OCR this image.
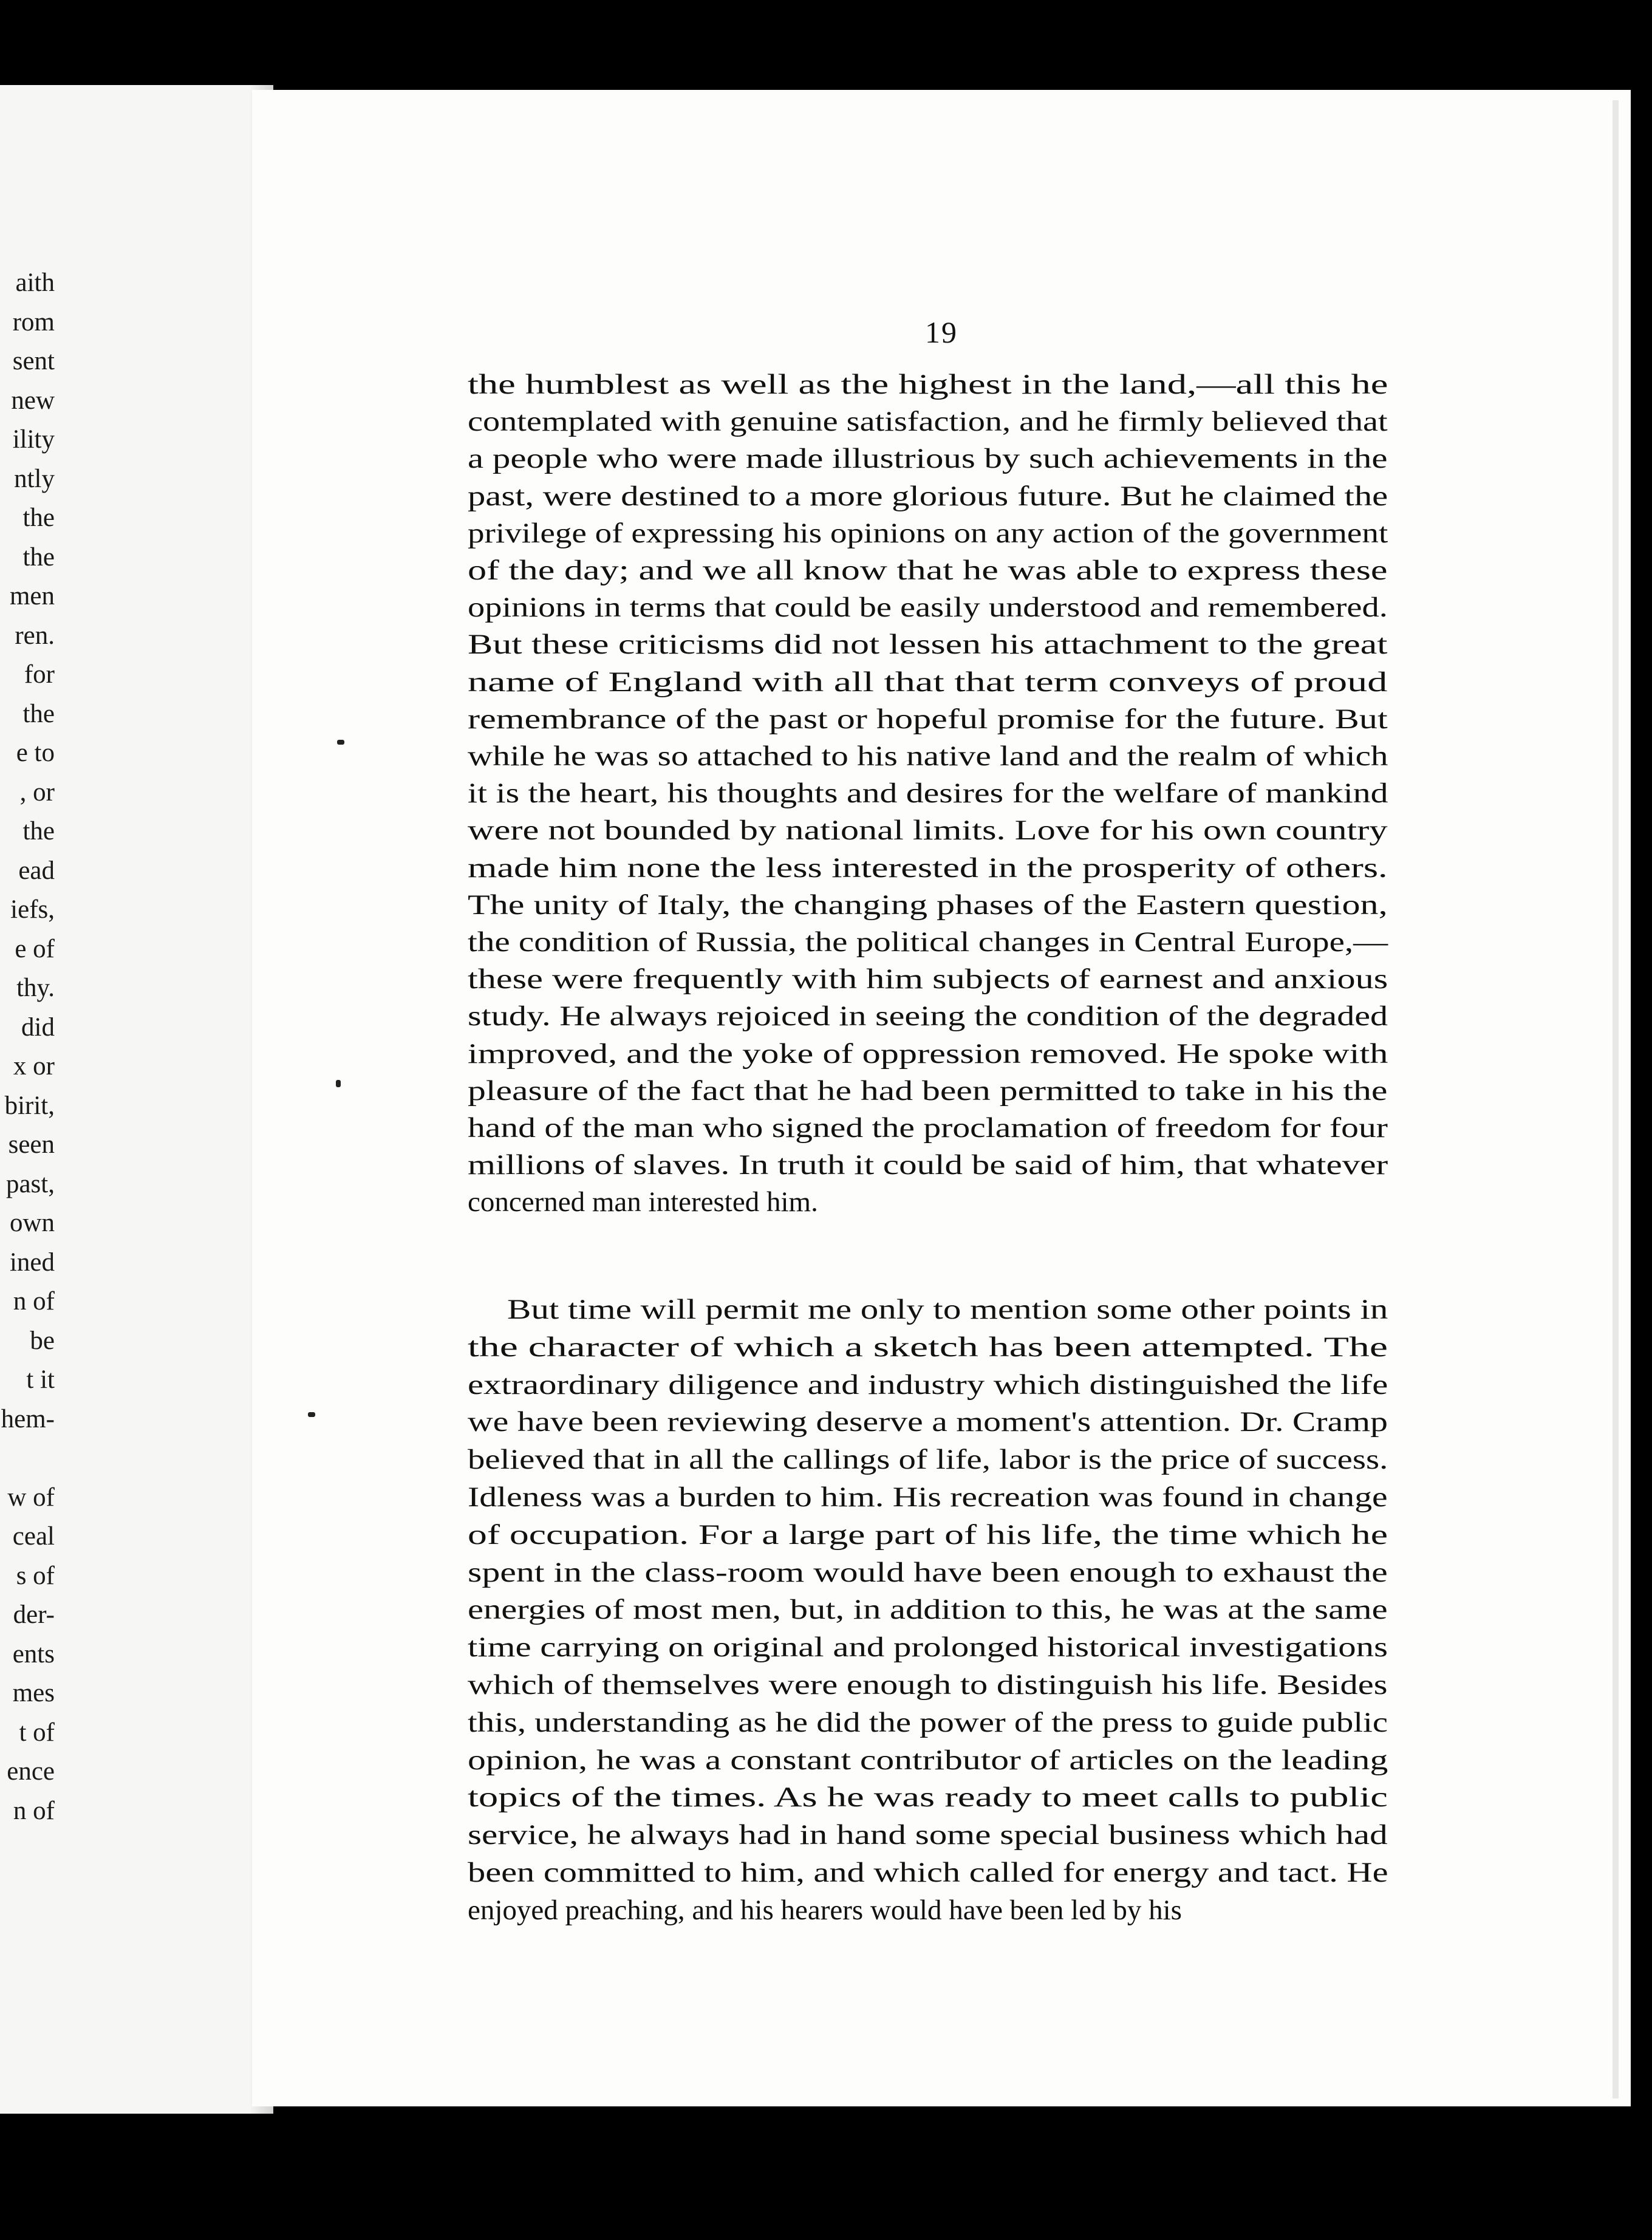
aith
rom
sent
new
ility
ntly
the
the
men
ren.
for
the
e to
, or
the
ead
iefs,
e of
thy.
did
x or
birit,
seen
past,
own
ined
n of
be
t it
hem-
w of
ceal
s of
der-
ents
mes
t of
ence
n of
19
the humblest as well as the highest in the land,—all this he
contemplated with genuine satisfaction, and he firmly believed that
a people who were made illustrious by such achievements in the
past, were destined to a more glorious future. But he claimed the
privilege of expressing his opinions on any action of the government
of the day; and we all know that he was able to express these
opinions in terms that could be easily understood and remembered.
But these criticisms did not lessen his attachment to the great
name of England with all that that term conveys of proud
remembrance of the past or hopeful promise for the future. But
while he was so attached to his native land and the realm of which
it is the heart, his thoughts and desires for the welfare of mankind
were not bounded by national limits. Love for his own country
made him none the less interested in the prosperity of others.
The unity of Italy, the changing phases of the Eastern question,
the condition of Russia, the political changes in Central Europe,—
these were frequently with him subjects of earnest and anxious
study. He always rejoiced in seeing the condition of the degraded
improved, and the yoke of oppression removed. He spoke with
pleasure of the fact that he had been permitted to take in his the
hand of the man who signed the proclamation of freedom for four
millions of slaves. In truth it could be said of him, that whatever
concerned man interested him.
But time will permit me only to mention some other points in
the character of which a sketch has been attempted. The
extraordinary diligence and industry which distinguished the life
we have been reviewing deserve a moment's attention. Dr. Cramp
believed that in all the callings of life, labor is the price of success.
Idleness was a burden to him. His recreation was found in change
of occupation. For a large part of his life, the time which he
spent in the class-room would have been enough to exhaust the
energies of most men, but, in addition to this, he was at the same
time carrying on original and prolonged historical investigations
which of themselves were enough to distinguish his life. Besides
this, understanding as he did the power of the press to guide public
opinion, he was a constant contributor of articles on the leading
topics of the times. As he was ready to meet calls to public
service, he always had in hand some special business which had
been committed to him, and which called for energy and tact. He
enjoyed preaching, and his hearers would have been led by his
